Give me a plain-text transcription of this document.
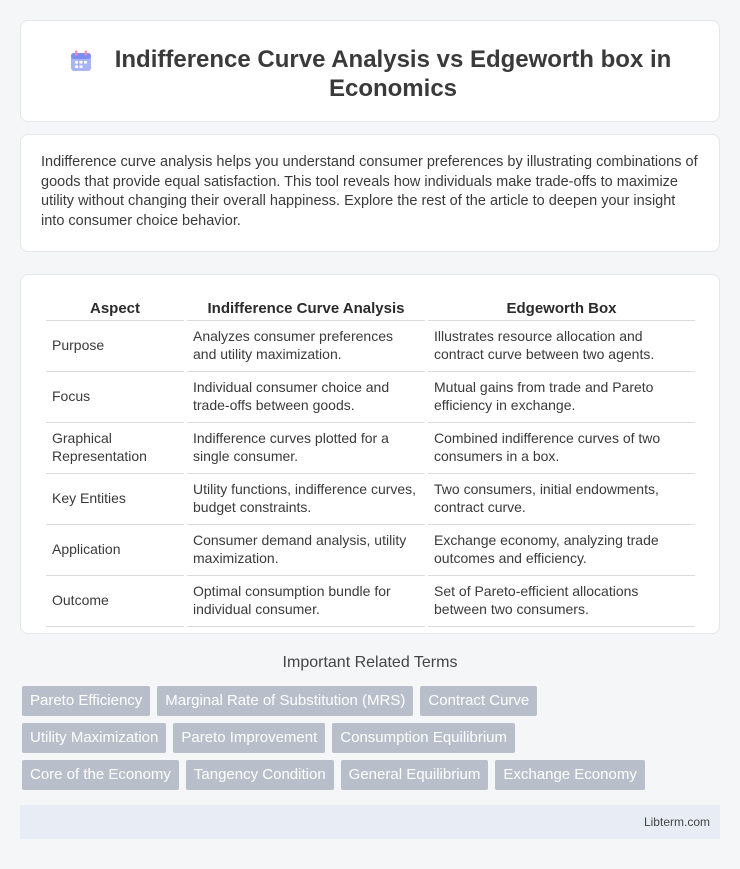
Indifference Curve Analysis vs Edgeworth box in
Economics

Indifference curve analysis helps you understand consumer preferences by illustrating combinations of goods that provide equal satisfaction. This tool reveals how individuals make trade-offs to maximize utility without changing their overall happiness. Explore the rest of the article to deepen your insight into consumer choice behavior.

Aspect	Indifference Curve Analysis	Edgeworth Box
Purpose	Analyzes consumer preferences and utility maximization.	Illustrates resource allocation and contract curve between two agents.
Focus	Individual consumer choice and trade-offs between goods.	Mutual gains from trade and Pareto efficiency in exchange.
Graphical Representation	Indifference curves plotted for a single consumer.	Combined indifference curves of two consumers in a box.
Key Entities	Utility functions, indifference curves, budget constraints.	Two consumers, initial endowments, contract curve.
Application	Consumer demand analysis, utility maximization.	Exchange economy, analyzing trade outcomes and efficiency.
Outcome	Optimal consumption bundle for individual consumer.	Set of Pareto-efficient allocations between two consumers.
Important Related Terms
Pareto Efficiency	Marginal Rate of Substitution (MRS)	Contract Curve
Utility Maximization	Pareto Improvement	Consumption Equilibrium
Core of the Economy	Tangency Condition	General Equilibrium	Exchange Economy
Libterm.com
